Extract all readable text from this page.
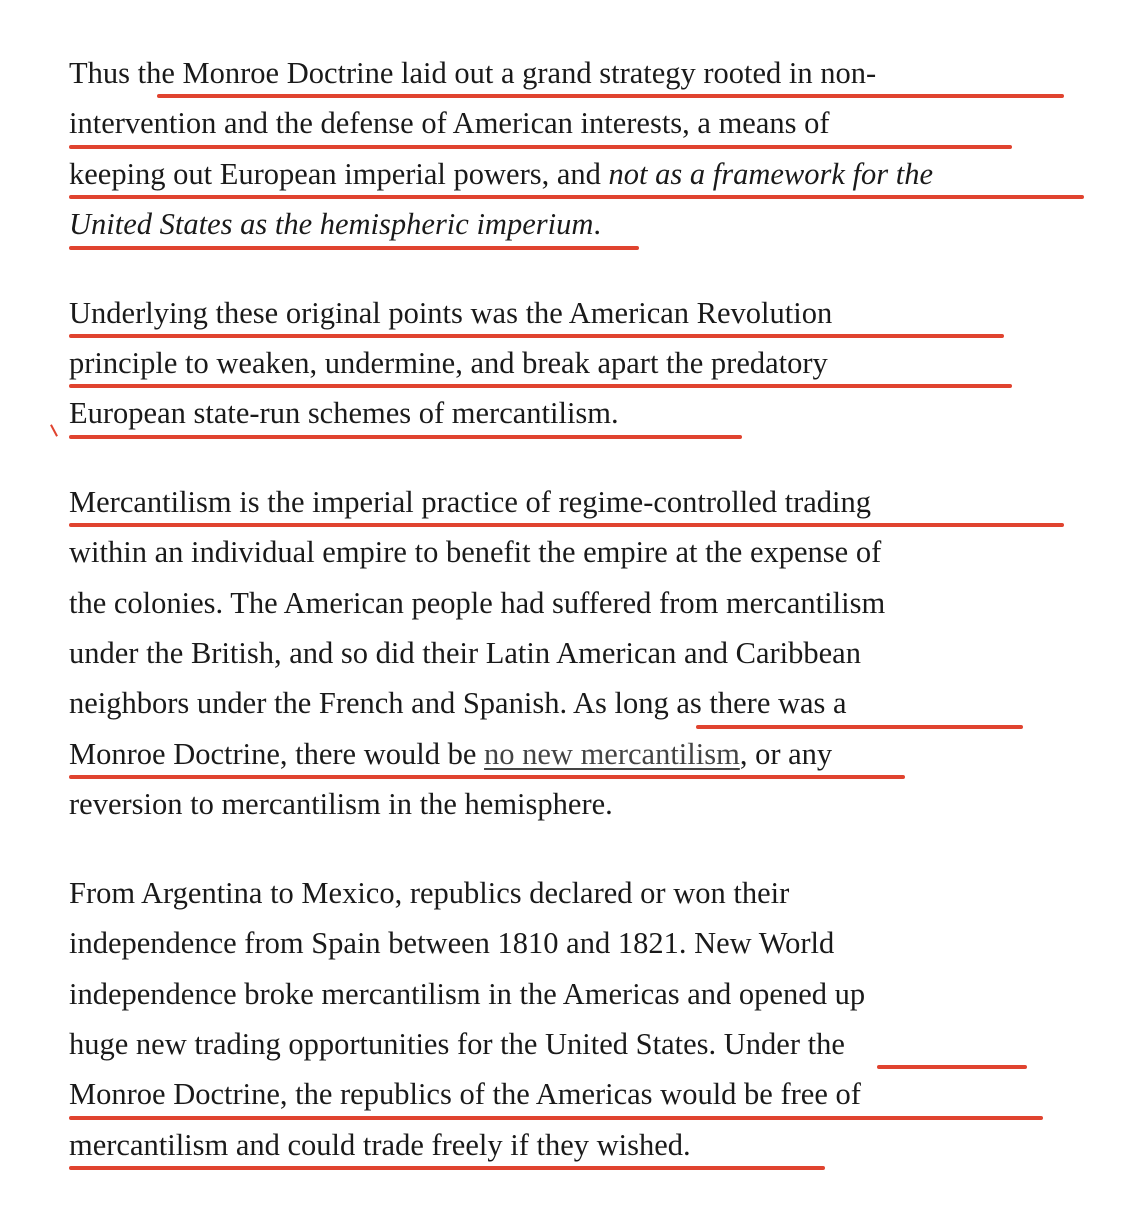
Thus the Monroe Doctrine laid out a grand strategy rooted in non-
intervention and the defense of American interests, a means of
keeping out European imperial powers, and not as a framework for the
United States as the hemispheric imperium.

Underlying these original points was the American Revolution
principle to weaken, undermine, and break apart the predatory
European state-run schemes of mercantilism.

Mercantilism is the imperial practice of regime-controlled trading
within an individual empire to benefit the empire at the expense of
the colonies. The American people had suffered from mercantilism
under the British, and so did their Latin American and Caribbean
neighbors under the French and Spanish. As long as there was a
Monroe Doctrine, there would be no new mercantilism, or any
reversion to mercantilism in the hemisphere.

From Argentina to Mexico, republics declared or won their
independence from Spain between 1810 and 1821. New World
independence broke mercantilism in the Americas and opened up
huge new trading opportunities for the United States. Under the
Monroe Doctrine, the republics of the Americas would be free of
mercantilism and could trade freely if they wished.
